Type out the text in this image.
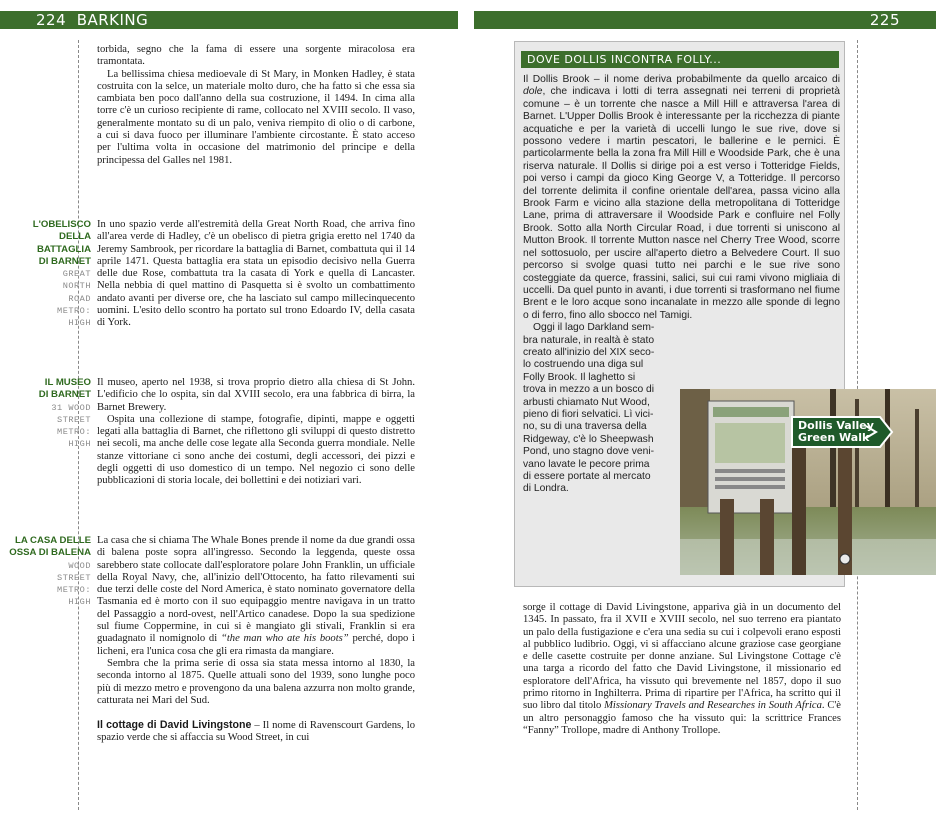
224 BARKING	225

torbida, segno che la fama di essere una sorgente miracolosa era tramontata.

La bellissima chiesa medioevale di St Mary, in Monken Hadley, è stata costruita con la selce, un materiale molto duro, che ha fatto sì che essa sia cambiata ben poco dall'anno della sua costruzione, il 1494. In cima alla torre c'è un curioso recipiente di rame, collocato nel XVIII secolo. Il vaso, generalmente montato su di un palo, veniva riempito di olio o di carbone, a cui si dava fuoco per illuminare l'ambiente circostante. È stato acceso per l'ultima volta in occasione del matrimonio del principe e della principessa del Galles nel 1981.

L'OBELISCO
DELLA
BATTAGLIA
DI BARNET
GREAT
NORTH
ROAD
METRO:
HIGH

In uno spazio verde all'estremità della Great North Road, che arriva fino all'area verde di Hadley, c'è un obelisco di pietra grigia eretto nel 1740 da Jeremy Sambrook, per ricordare la battaglia di Barnet, combattuta qui il 14 aprile 1471. Questa battaglia era stata un episodio decisivo nella Guerra delle due Rose, combattuta tra la casata di York e quella di Lancaster. Nella nebbia di quel mattino di Pasquetta si è svolto un combattimento andato avanti per diverse ore, che ha lasciato sul campo millecinquecento uomini. L'esito dello scontro ha portato sul trono Edoardo IV, della casata di York.

IL MUSEO
DI BARNET
31 WOOD
STREET
METRO:
HIGH

Il museo, aperto nel 1938, si trova proprio dietro alla chiesa di St John. L'edificio che lo ospita, sin dal XVIII secolo, era una fabbrica di birra, la Barnet Brewery.

Ospita una collezione di stampe, fotografie, dipinti, mappe e oggetti legati alla battaglia di Barnet, che riflettono gli sviluppi di questo distretto nei secoli, ma anche delle cose legate alla Seconda guerra mondiale. Nelle stanze vittoriane ci sono anche dei costumi, degli accessori, dei pizzi e degli oggetti di uso domestico di un tempo. Nel negozio ci sono delle pubblicazioni di storia locale, dei bollettini e dei notiziari vari.

LA CASA DELLE
OSSA DI BALENA
WOOD
STREET
METRO:
HIGH

La casa che si chiama The Whale Bones prende il nome da due grandi ossa di balena poste sopra all'ingresso. Secondo la leggenda, queste ossa sarebbero state collocate dall'esploratore polare John Franklin, un ufficiale della Royal Navy, che, all'inizio dell'Ottocento, ha fatto rilevamenti sui due terzi delle coste del Nord America, è stato nominato governatore della Tasmania ed è morto con il suo equipaggio mentre navigava in un tratto del Passaggio a nord-ovest, nell'Artico canadese. Dopo la sua spedizione sul fiume Coppermine, in cui si è mangiato gli stivali, Franklin si era guadagnato il nomignolo di “the man who ate his boots” perché, dopo i licheni, era l'unica cosa che gli era rimasta da mangiare.

Sembra che la prima serie di ossa sia stata messa intorno al 1830, la seconda intorno al 1875. Quelle attuali sono del 1939, sono lunghe poco più di mezzo metro e provengono da una balena azzurra non molto grande, catturata nei Mari del Sud.

Il cottage di David Livingstone – Il nome di Ravenscourt Gardens, lo spazio verde che si affaccia su Wood Street, in cui

DOVE DOLLIS INCONTRA FOLLY...

Il Dollis Brook – il nome deriva probabilmente da quello arcaico di dole, che indicava i lotti di terra assegnati nei terreni di proprietà comune – è un torrente che nasce a Mill Hill e attraversa l'area di Barnet. L'Upper Dollis Brook è interessante per la ricchezza di piante acquatiche e per la varietà di uccelli lungo le sue rive, dove si possono vedere i martin pescatori, le ballerine e le pernici. È particolarmente bella la zona fra Mill Hill e Woodside Park, che è una riserva naturale. Il Dollis si dirige poi a est verso i Totteridge Fields, poi verso i campi da gioco King George V, a Totteridge. Il percorso del torrente delimita il confine orientale dell'area, passa vicino alla Brook Farm e vicino alla stazione della metropolitana di Totteridge Lane, prima di attraversare il Woodside Park e confluire nel Folly Brook. Sotto alla North Circular Road, i due torrenti si uniscono al Mutton Brook. Il torrente Mutton nasce nel Cherry Tree Wood, scorre nel sottosuolo, per uscire all'aperto dietro a Belvedere Court. Il suo percorso si svolge quasi tutto nei parchi e le sue rive sono costeggiate da querce, frassini, salici, sui cui rami vivono migliaia di uccelli. Da quel punto in avanti, i due torrenti si trasformano nel fiume Brent e le loro acque sono incanalate in mezzo alle sponde di legno o di ferro, fino allo sbocco nel Tamigi.

Oggi il lago Darkland sem-
bra naturale, in realtà è stato
creato all'inizio del XIX seco-
lo costruendo una diga sul
Folly Brook. Il laghetto si
trova in mezzo a un bosco di
arbusti chiamato Nut Wood,
pieno di fiori selvatici. Lì vici-
no, su di una traversa della
Ridgeway, c'è lo Sheepwash
Pond, uno stagno dove veni-
vano lavate le pecore prima
di essere portate al mercato
di Londra.
Dollis Valley
Green Walk

sorge il cottage di David Livingstone, appariva già in un documento del 1345. In passato, fra il XVII e XVIII secolo, nel suo terreno era piantato un palo della fustigazione e c'era una sedia su cui i colpevoli erano esposti al pubblico ludibrio. Oggi, vi si affacciano alcune graziose case georgiane e delle casette costruite per donne anziane. Sul Livingstone Cottage c'è una targa a ricordo del fatto che David Livingstone, il missionario ed esploratore dell'Africa, ha vissuto qui brevemente nel 1857, dopo il suo primo ritorno in Inghilterra. Prima di ripartire per l'Africa, ha scritto qui il suo libro dal titolo Missionary Travels and Researches in South Africa. C'è un altro personaggio famoso che ha vissuto qui: la scrittrice Frances “Fanny” Trollope, madre di Anthony Trollope.
